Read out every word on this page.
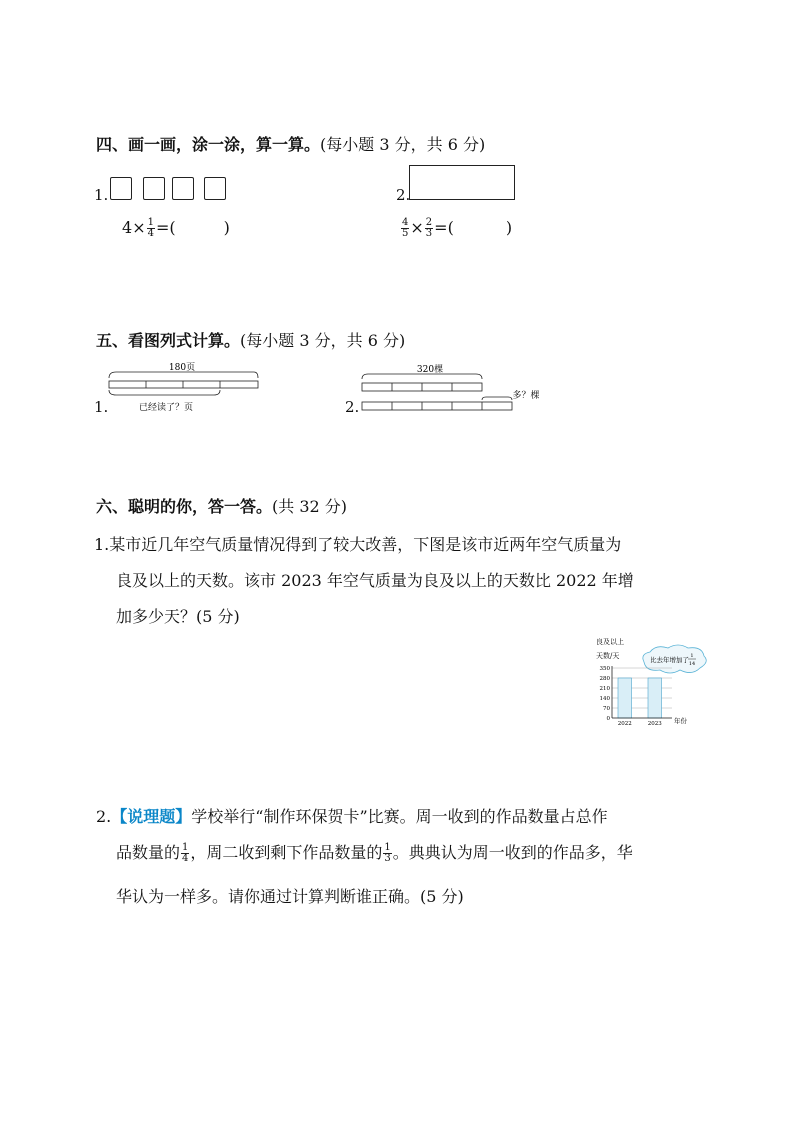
四、画一画，涂一涂，算一算。(每小题 3 分，共 6 分)
1.
$4\times \frac{1}{4}$ =(	)
2.
$\frac{4}{5} \times \frac{2}{3}$ =(	)
五、看图列式计算。(每小题 3 分，共 6 分)
1.
180页
已经读了？页	2.
320棵
多？棵
六、聪明的你，答一答。(共 32 分)
1.某市近几年空气质量情况得到了较大改善，下图是该市近两年空气质量为
良及以上的天数。该市 2023 年空气质量为良及以上的天数比 2022 年增
加多少天？(5 分)
良及以上
天数/天	比去年增加了 1
14
0
70
140
210
280
350
2022	2023 年份
2.【说理题】学校举行“制作环保贺卡”比赛。周一收到的作品数量占总作
品数量的 $\frac{1}{4}$ ，周二收到剩下作品数量的 $\frac{1}{3}$ 。典典认为周一收到的作品多，华
华认为一样多。请你通过计算判断谁正确。(5 分)
